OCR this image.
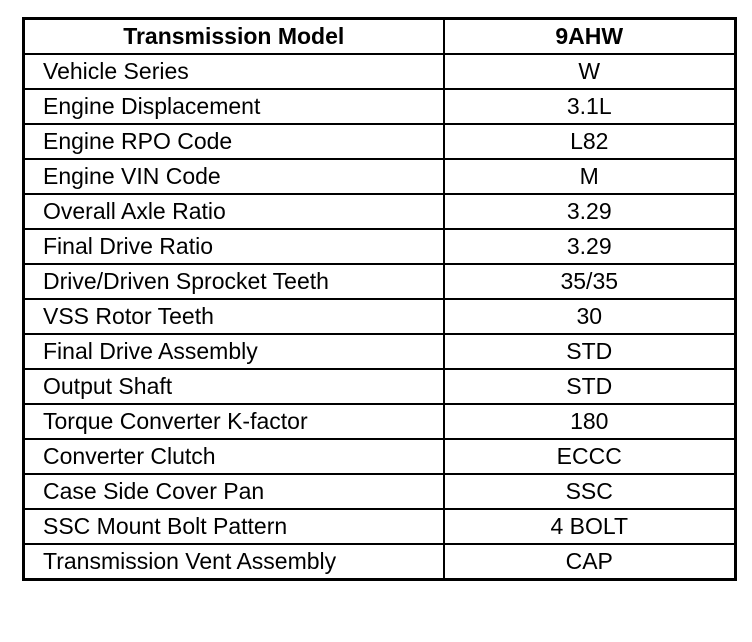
Transmission Model	9AHW
Vehicle Series	W
Engine Displacement	3.1L
Engine RPO Code	L82
Engine VIN Code	M
Overall Axle Ratio	3.29
Final Drive Ratio	3.29
Drive/Driven Sprocket Teeth	35/35
VSS Rotor Teeth	30
Final Drive Assembly	STD
Output Shaft	STD
Torque Converter K-factor	180
Converter Clutch	ECCC
Case Side Cover Pan	SSC
SSC Mount Bolt Pattern	4 BOLT
Transmission Vent Assembly	CAP
